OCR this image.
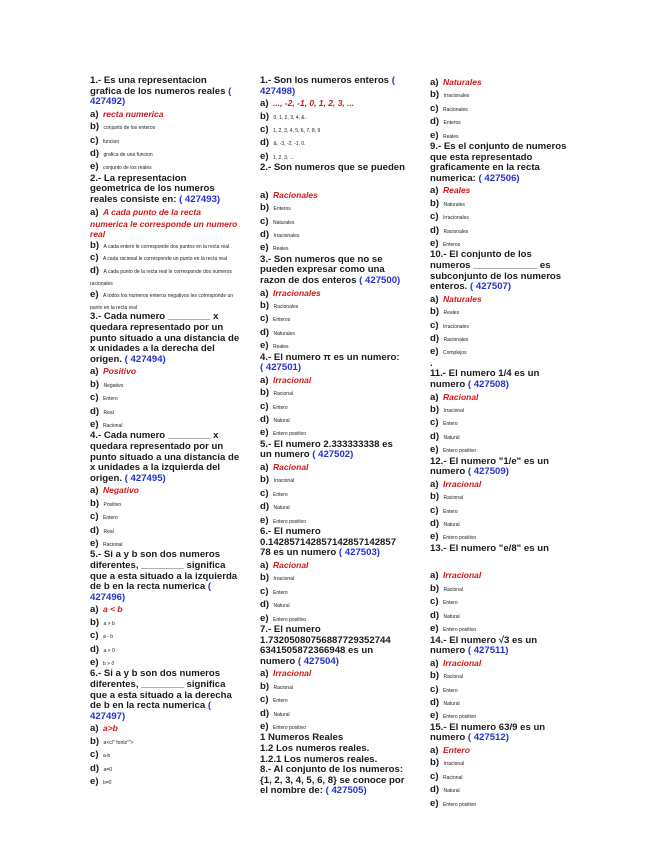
1.- Es una representacion grafica de los numeros reales ( 427492)

a) recta numerica

b) conjunto de los enteros

c) funcion

d) grafica de una funcion

e) conjunto de los reales

2.- La representacion geometrica de los numeros reales consiste en: ( 427493)

a) A cada punto de la recta numerica le corresponde un numero real

b) A cada entero le corresponde dos puntos en la recta real

c) A cada racional le corresponde un punto en la recta real

d) A cada punto de la recta real le corresponde dos numeros racionales

e) A todos los numeros enteros negativos les corresponde un punto en la recta real

3.- Cada numero ________ x quedara representado por un punto situado a una distancia de x unidades a la derecha del origen. ( 427494)

a) Positivo

b) Negativo

c) Entero

d) Real

e) Racional

4.- Cada numero ________ x quedara representado por un punto situado a una distancia de x unidades a la izquierda del origen. ( 427495)

a) Negativo

b) Positivo

c) Entero

d) Real

e) Racional

5.- Si a y b son dos numeros diferentes, ________ significa que a esta situado a la izquierda de b en la recta numerica ( 427496)

a) a < b

b) a > b

c) a - b

d) a > 0

e) b > 0

6.- Si a y b son dos numeros diferentes, ________ significa que a esta situado a la derecha de b en la recta numerica ( 427497)

a) a>b

b) a<c/" fontz"">

c) a-b

d) a=0

e) b=0

1.- Son los numeros enteros ( 427498)

a) ..., -2, -1, 0, 1, 2, 3, ...

b) 0, 1, 2, 3, 4, &.

c) 1, 2, 3, 4, 5, 6, 7, 8, 9

d) &, -3, -2, -1, 0.

e) 1, 2, 3, ...

2.- Son numeros que se pueden

a) Racionales

b) Enteros

c) Naturales

d) Irracionales

e) Reales

3.- Son numeros que no se pueden expresar como una razon de dos enteros ( 427500)

a) Irracionales

b) Racionales

c) Enteros

d) Naturales

e) Reales

4.- El numero π es un numero: ( 427501)

a) Irracional

b) Racional

c) Entero

d) Natural

e) Entero positivo

5.- El numero 2.333333338 es un numero ( 427502)

a) Racional

b) Irracional

c) Entero

d) Natural

e) Entero positivo

6.- El numero 0.142857142857142857142857 78 es un numero ( 427503)

a) Racional

b) Irracional

c) Entero

d) Natural

e) Entero positivo

7.- El numero 1.73205080756887729352744 6341505872366948 es un numero ( 427504)

a) Irracional

b) Racional

c) Entero

d) Natural

e) Entero positivo

1 Numeros Reales

1.2 Los numeros reales.

1.2.1 Los numeros reales.

8.- Al conjunto de los numeros: {1, 2, 3, 4, 5, 6, 8} se conoce por el nombre de: ( 427505)

a) Naturales

b) Irracionales

c) Racionales

d) Enteros

e) Reales

9.- Es el conjunto de numeros que esta representado graficamente en la recta numerica: ( 427506)

a) Reales

b) Naturales

c) Irracionales

d) Racionales

e) Enteros

10.- El conjunto de los numeros ____________ es subconjunto de los numeros enteros. ( 427507)

a) Naturales

b) Reales

c) Irracionales

d) Racionales

e) Complejos

.

11.- El numero 1/4 es un numero ( 427508)

a) Racional

b) Irracional

c) Entero

d) Natural

e) Entero positivo

12.- El numero "1/e" es un numero ( 427509)

a) Irracional

b) Racional

c) Entero

d) Natural

e) Entero positivo

13.- El numero "e/8" es un

a) Irracional

b) Racional

c) Entero

d) Natural

e) Entero positivo

14.- El numero √3 es un numero ( 427511)

a) Irracional

b) Racional

c) Entero

d) Natural

e) Entero positivo

15.- El numero 63/9 es un numero ( 427512)

a) Entero

b) Irracional

c) Racional

d) Natural

e) Entero positivo
